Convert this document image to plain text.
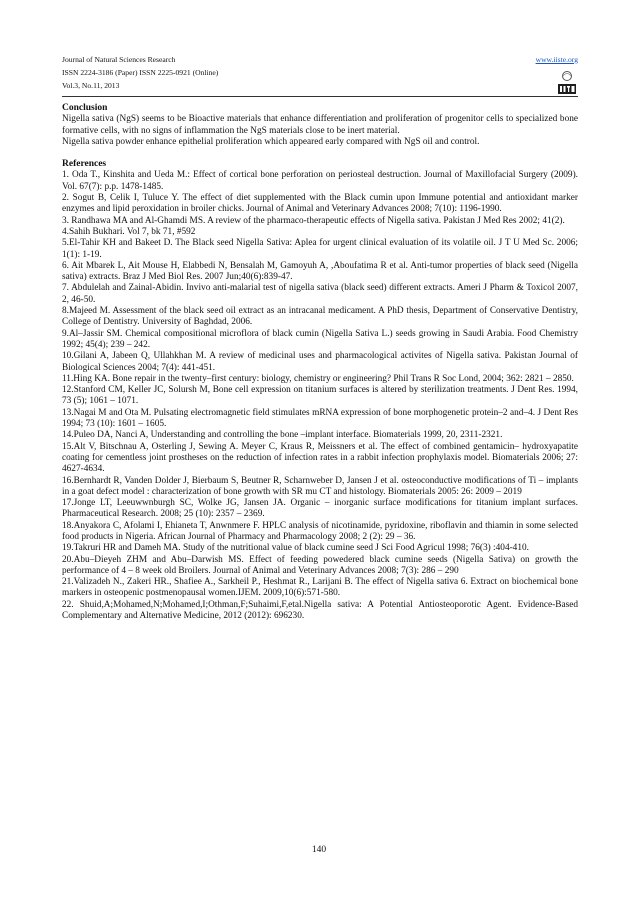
Journal of Natural Sciences Research	www.iiste.org
ISSN 2224-3186 (Paper) ISSN 2225-0921 (Online)
Vol.3, No.11, 2013
Conclusion

Nigella sativa (NgS) seems to be Bioactive materials that enhance differentiation and proliferation of progenitor cells to specialized bone formative cells, with no signs of inflammation the NgS materials close to be inert material.

Nigella sativa powder enhance epithelial proliferation which appeared early compared with NgS oil and control.

References

1. Oda T., Kinshita and Ueda M.: Effect of cortical bone perforation on periosteal destruction. Journal of Maxillofacial Surgery (2009). Vol. 67(7): p.p. 1478-1485.

2. Sogut B, Celik I, Tuluce Y. The effect of diet supplemented with the Black cumin upon Immune potential and antioxidant marker enzymes and lipid peroxidation in broiler chicks. Journal of Animal and Veterinary Advances 2008; 7(10): 1196-1990.

3. Randhawa MA and Al-Ghamdi MS. A review of the pharmaco-therapeutic effects of Nigella sativa. Pakistan J Med Res 2002; 41(2).

4.Sahih Bukhari. Vol 7, bk 71, #592

5.El-Tahir KH and Bakeet D. The Black seed Nigella Sativa: Aplea for urgent clinical evaluation of its volatile oil. J T U Med Sc. 2006; 1(1): 1-19.

6. Ait Mbarek L, Ait Mouse H, Elabbedi N, Bensalah M, Gamoyuh A, ,Aboufatima R et al. Anti-tumor properties of black seed (Nigella sativa) extracts. Braz J Med Biol Res. 2007 Jun;40(6):839-47.

7. Abdulelah and Zainal-Abidin. Invivo anti-malarial test of nigella sativa (black seed) different extracts. Ameri J Pharm & Toxicol 2007, 2, 46-50.

8.Majeed M. Assessment of the black seed oil extract as an intracanal medicament. A PhD thesis, Department of Conservative Dentistry, College of Dentistry. University of Baghdad, 2006.

9.Al–Jassir SM. Chemical compositional microflora of black cumin (Nigella Sativa L.) seeds growing in Saudi Arabia. Food Chemistry 1992; 45(4); 239 – 242.

10.Gilani A, Jabeen Q, Ullahkhan M. A review of medicinal uses and pharmacological activites of Nigella sativa. Pakistan Journal of Biological Sciences 2004; 7(4): 441-451.

11.Hing KA. Bone repair in the twenty–first century: biology, chemistry or engineering? Phil Trans R Soc Lond, 2004; 362: 2821 – 2850.

12.Stanford CM, Keller JC, Solursh M, Bone cell expression on titanium surfaces is altered by sterilization treatments. J Dent Res. 1994, 73 (5); 1061 – 1071.

13.Nagai M and Ota M. Pulsating electromagnetic field stimulates mRNA expression of bone morphogenetic protein–2 and–4. J Dent Res 1994; 73 (10): 1601 – 1605.

14.Puleo DA, Nanci A, Understanding and controlling the bone –implant interface. Biomaterials 1999, 20, 2311-2321.

15.Alt V, Bitschnau A, Osterling J, Sewing A. Meyer C, Kraus R, Meissners et al. The effect of combined gentamicin– hydroxyapatite coating for cementless joint prostheses on the reduction of infection rates in a rabbit infection prophylaxis model. Biomaterials 2006; 27: 4627-4634.

16.Bernhardt R, Vanden Dolder J, Bierbaum S, Beutner R, Scharnweber D, Jansen J et al. osteoconductive modifications of Ti – implants in a goat defect model : characterization of bone growth with SR mu CT and histology. Biomaterials 2005: 26: 2009 – 2019

17.Jonge LT, Leeuwwnburgh SC, Wolke JG, Jansen JA. Organic – inorganic surface modifications for titanium implant surfaces. Pharmaceutical Research. 2008; 25 (10): 2357 – 2369.

18.Anyakora C, Afolami I, Ehianeta T, Anwnmere F. HPLC analysis of nicotinamide, pyridoxine, riboflavin and thiamin in some selected food products in Nigeria. African Journal of Pharmacy and Pharmacology 2008; 2 (2): 29 – 36.

19.Takruri HR and Dameh MA. Study of the nutritional value of black cumine seed J Sci Food Agricul 1998; 76(3) :404-410.

20.Abu–Dieyeh ZHM and Abu–Darwish MS. Effect of feeding powedered black cumine seeds (Nigella Sativa) on growth the performance of 4 – 8 week old Broilers. Journal of Animal and Veterinary Advances 2008; 7(3): 286 – 290

21.Valizadeh N., Zakeri HR., Shafiee A., Sarkheil P., Heshmat R., Larijani B. The effect of Nigella sativa 6. Extract on biochemical bone markers in osteopenic postmenopausal women.IJEM. 2009,10(6):571-580.

22. Shuid,A;Mohamed,N;Mohamed,I;Othman,F;Suhaimi,F,etal.Nigella sativa: A Potential Antiosteoporotic Agent. Evidence-Based Complementary and Alternative Medicine, 2012 (2012): 696230.

140
